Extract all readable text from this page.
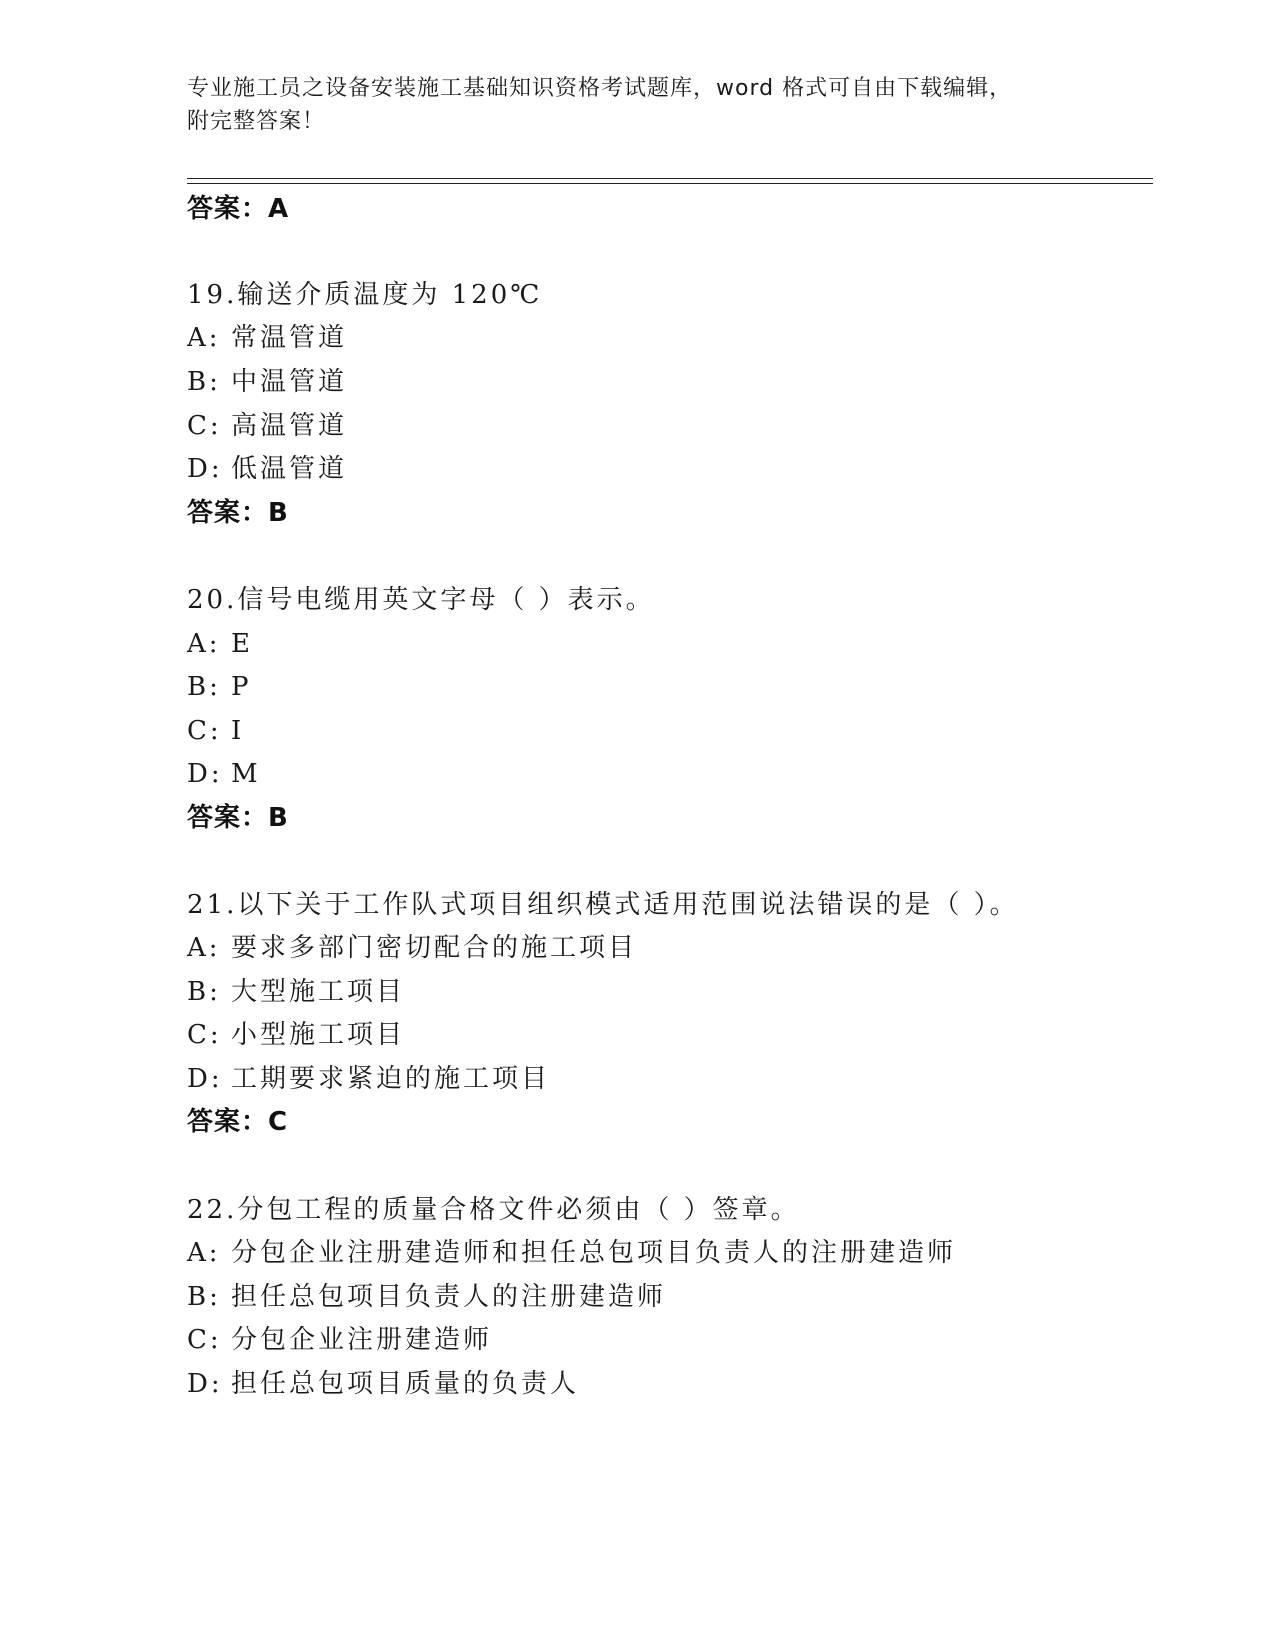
专业施工员之设备安装施工基础知识资格考试题库，word 格式可自由下载编辑，
附完整答案！
答案：A
19.输送介质温度为 120℃
A: 常温管道
B: 中温管道
C: 高温管道
D: 低温管道
答案：B
20.信号电缆用英文字母（ ）表示。
A: E
B: P
C: I
D: M
答案：B
21.以下关于工作队式项目组织模式适用范围说法错误的是（ ）。
A: 要求多部门密切配合的施工项目
B: 大型施工项目
C: 小型施工项目
D: 工期要求紧迫的施工项目
答案：C
22.分包工程的质量合格文件必须由（ ）签章。
A: 分包企业注册建造师和担任总包项目负责人的注册建造师
B: 担任总包项目负责人的注册建造师
C: 分包企业注册建造师
D: 担任总包项目质量的负责人
